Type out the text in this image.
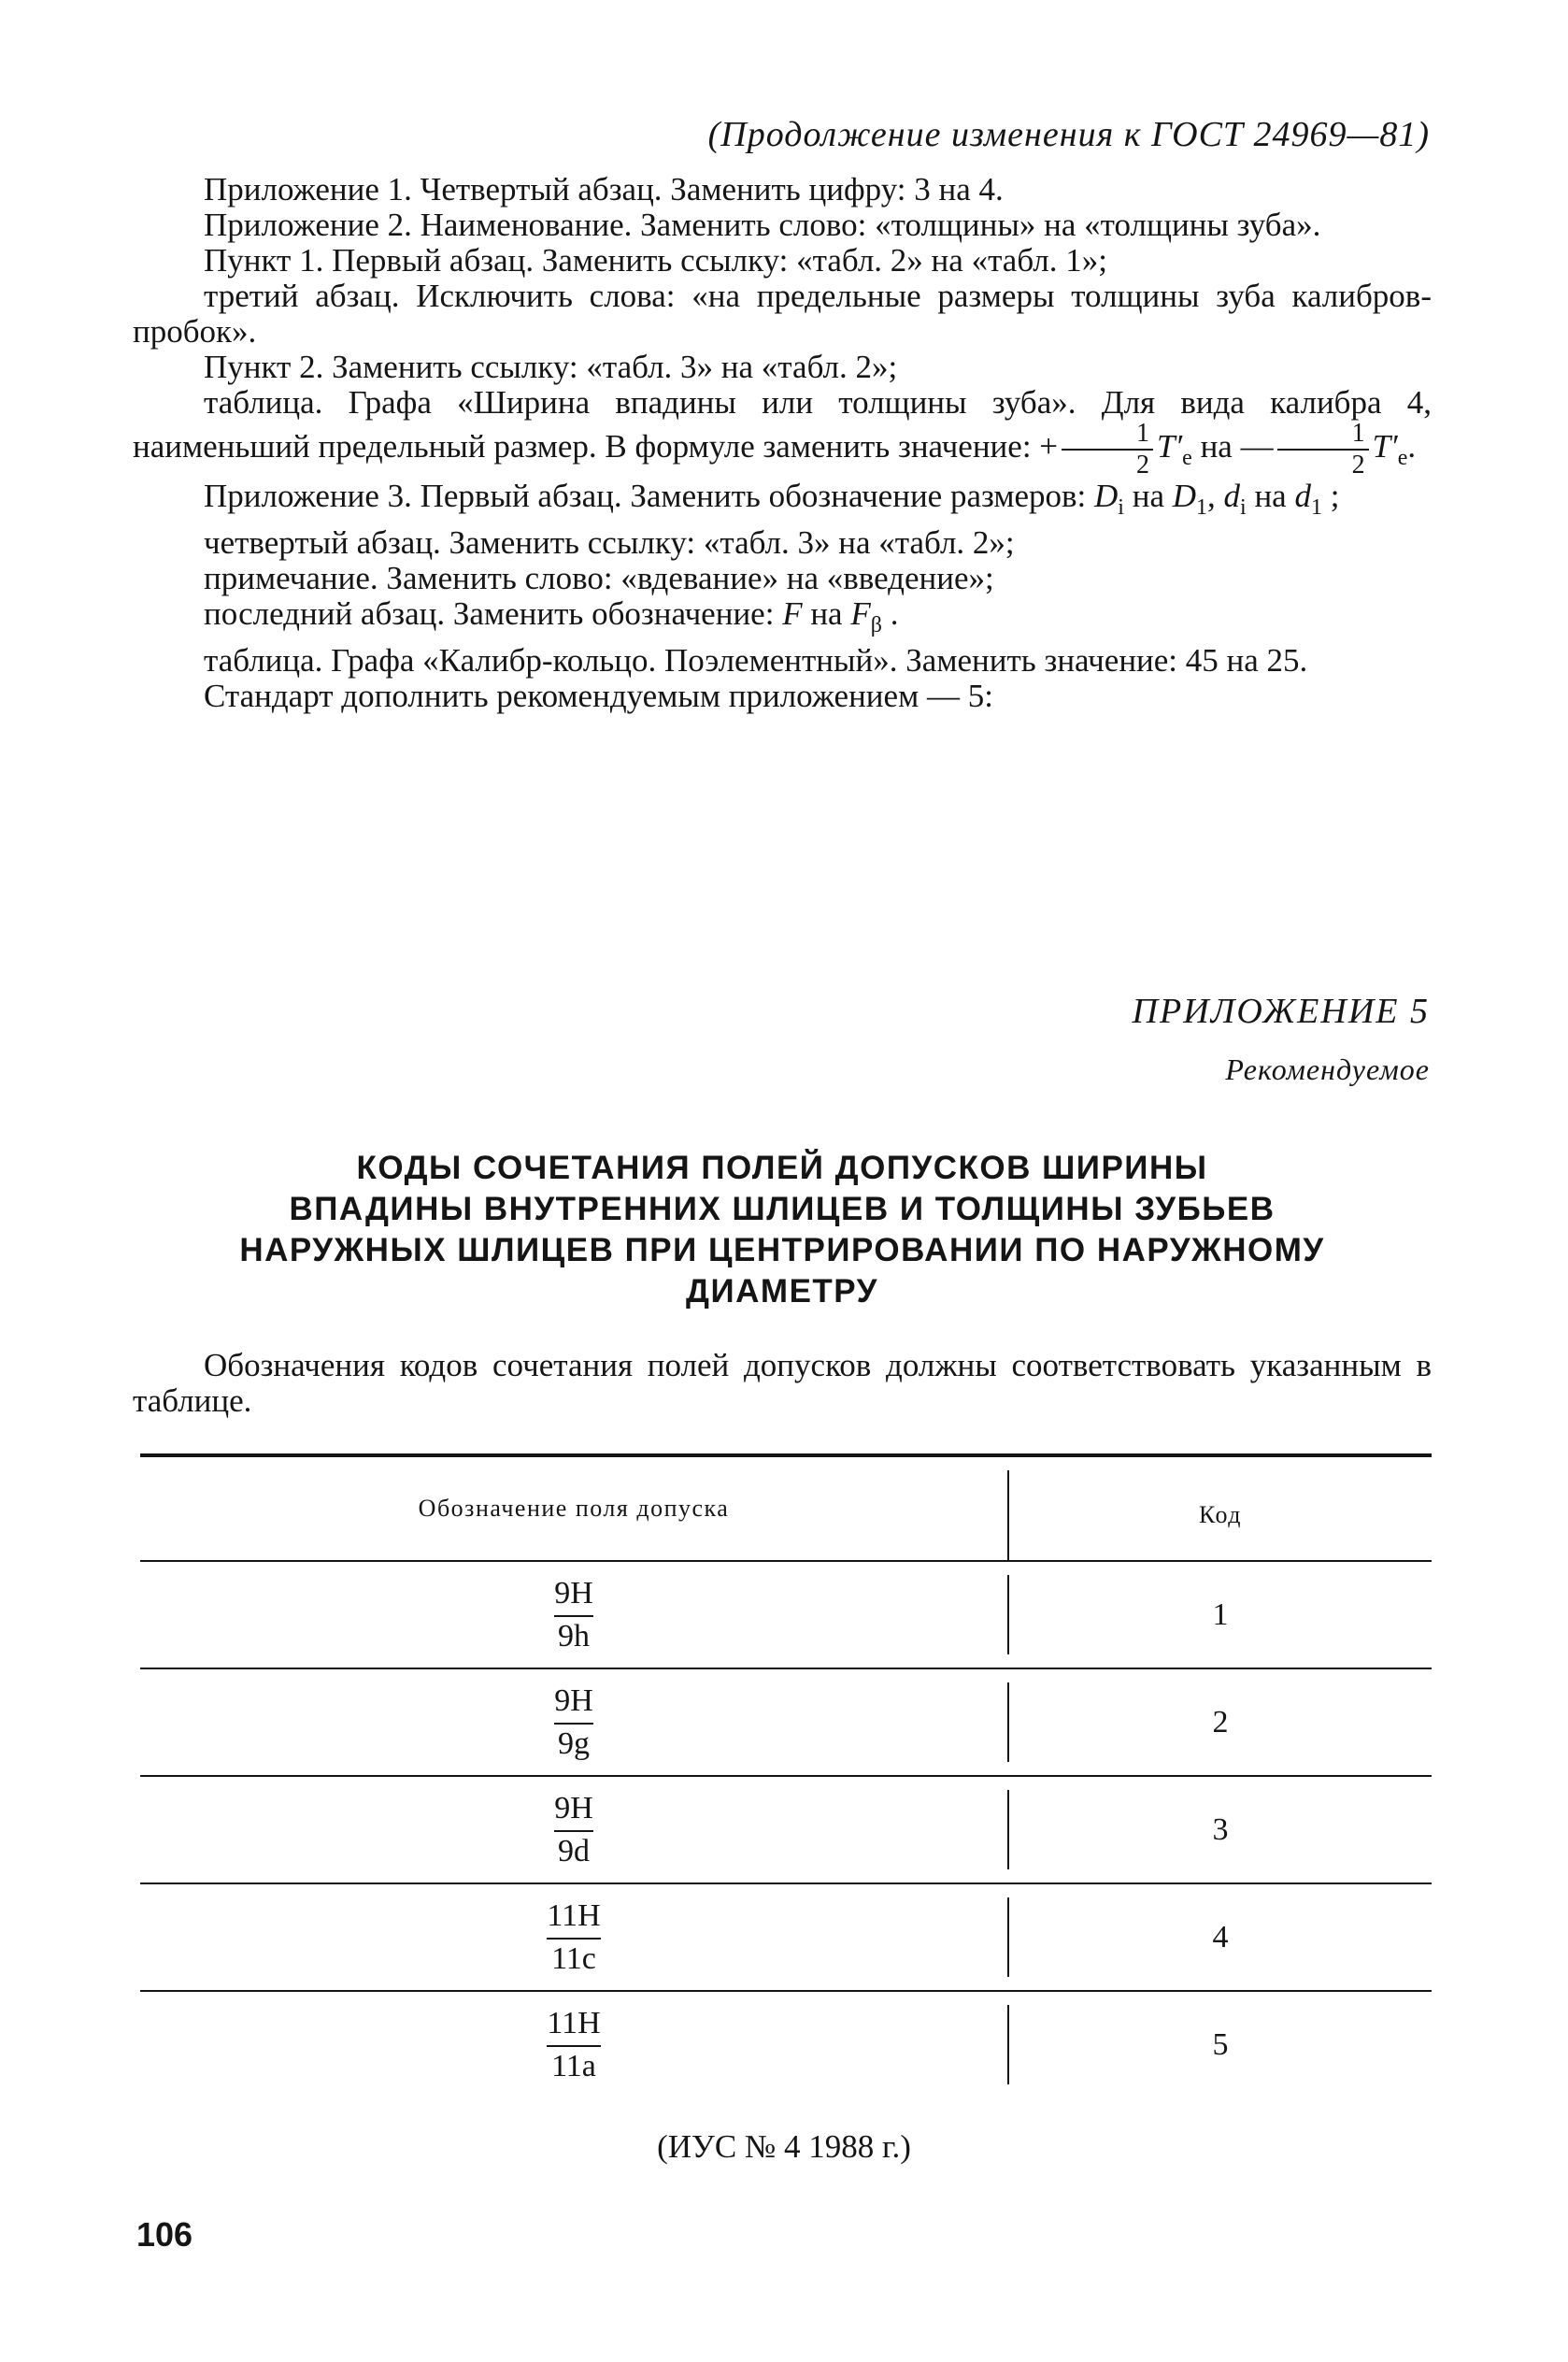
(Продолжение изменения к ГОСТ 24969—81)
Приложение 1. Четвертый абзац. Заменить цифру: 3 на 4.
Приложение 2. Наименование. Заменить слово: «толщины» на «толщины зуба».
Пункт 1. Первый абзац. Заменить ссылку: «табл. 2» на «табл. 1»;
третий абзац. Исключить слова: «на предельные размеры толщины зуба калибров-пробок».
Пункт 2. Заменить ссылку: «табл. 3» на «табл. 2»;
таблица. Графа «Ширина впадины или толщины зуба». Для вида калибра 4, наименьший предельный размер. В формуле заменить значение: + $\frac{1}{2} T'_e$ на — $\frac{1}{2} T'_e$.
Приложение 3. Первый абзац. Заменить обозначение размеров: $D_i$ на $D_1$, $d_i$ на $d_1$ ;
четвертый абзац. Заменить ссылку: «табл. 3» на «табл. 2»;
примечание. Заменить слово: «вдевание» на «введение»;
последний абзац. Заменить обозначение: F на $F_\beta$ .
таблица. Графа «Калибр-кольцо. Поэлементный». Заменить значение: 45 на 25.
Стандарт дополнить рекомендуемым приложением — 5:
ПРИЛОЖЕНИЕ 5
Рекомендуемое
КОДЫ СОЧЕТАНИЯ ПОЛЕЙ ДОПУСКОВ ШИРИНЫ
ВПАДИНЫ ВНУТРЕННИХ ШЛИЦЕВ И ТОЛЩИНЫ ЗУБЬЕВ
НАРУЖНЫХ ШЛИЦЕВ ПРИ ЦЕНТРИРОВАНИИ ПО НАРУЖНОМУ
ДИАМЕТРУ
Обозначения кодов сочетания полей допусков должны соответствовать указанным в таблице.
Обозначение поля допуска	Код
9H
9h
1
9H
9g
2
9H
9d
3
11H
11c
4
11H
11a
5
(ИУС № 4 1988 г.)
106
